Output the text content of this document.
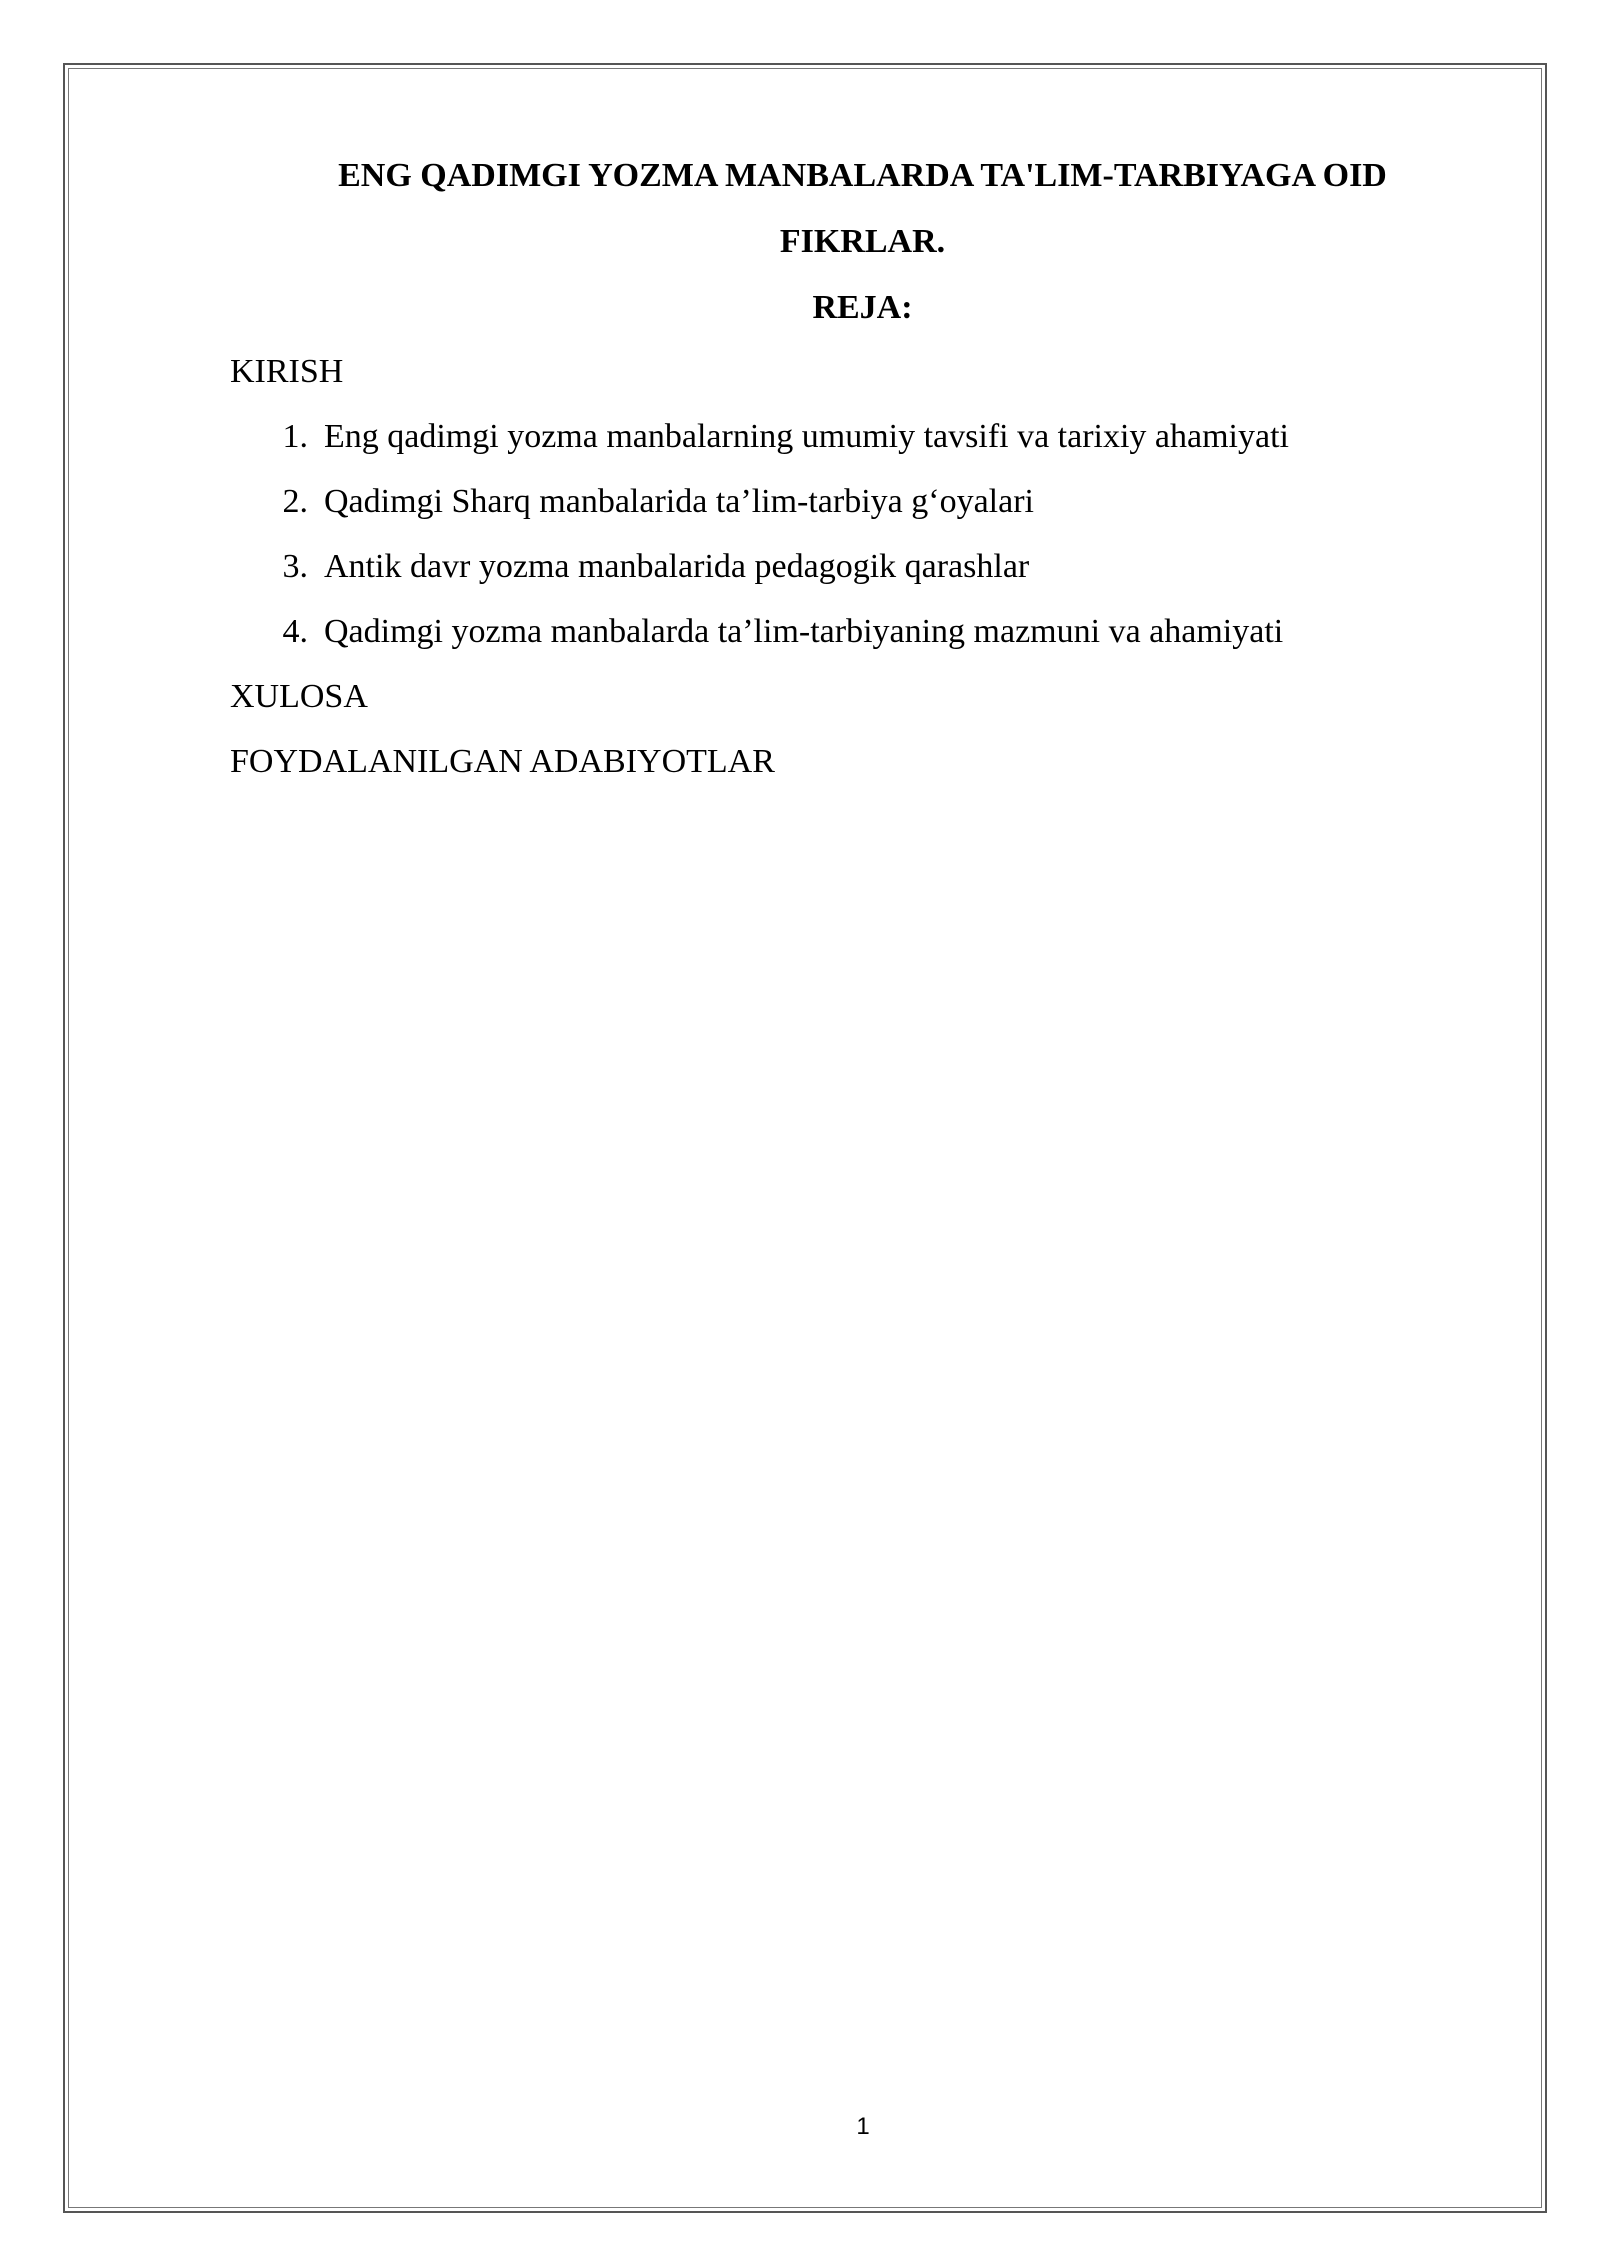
ENG QADIMGI YOZMA MANBALARDA TA'LIM-TARBIYAGA OID
FIKRLAR.
REJA:
KIRISH
1. Eng qadimgi yozma manbalarning umumiy tavsifi va tarixiy ahamiyati
2. Qadimgi Sharq manbalarida ta’lim-tarbiya g‘oyalari
3. Antik davr yozma manbalarida pedagogik qarashlar
4. Qadimgi yozma manbalarda ta’lim-tarbiyaning mazmuni va ahamiyati
XULOSA
FOYDALANILGAN ADABIYOTLAR
1
